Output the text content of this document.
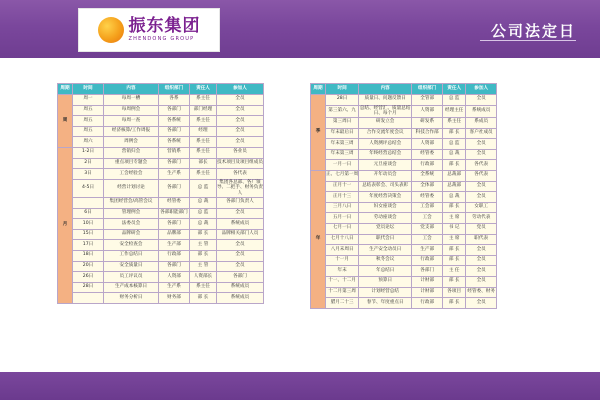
振东集团
ZHENDONG GROUP	公司法定日
周期	时间	内容	组织部门	责任人	参加人
周	周一	每周一槽	各系	系主任	全员
	周五	每周例会	各部门	部门经理	全员
	周五	每周一查	各系统	系主任	全员
	周五	经济核算/工作周报	各部门	经理	全员
	周六	周例会	各系统	系主任	全员
月	1-2日	营销归会	营销系	系主任	各业员
	2日	重点项目专题会	各部门	部长	技术项目及项目组成员
	3日	工会经验会	生产系	系主任	各代表
	4-5日	经营计划讨论	各部门	总 监	集团各总部、各厂领导、二把手、财务负责人
		集团经营会/高管会议	经管委	总 裁	各部门负责人
	6日	管理例会	各部职能部门	总 监	全员
	10日	法委员会	各部门	总 裁	系统成员
	15日	品牌研会	品牌部	部 长	品牌相关部门人员
	17日	安全检查会	生产部	主 管	全员
	18日	工作总结日	行政部	部 长	全员
	20日	安全质量日	各部门	主 管	全员
	26日	员工评议员	人资部	人资部长	各部门
	28日	生产成本核算日	生产系	系主任	系统成员
		财务分析日	财务部	部 长	系统成员
周期	时间	内容	组织部门	责任人	参加人
季	28日	质量日、问题反馈日	全管部	总 监	全员
	第三第六、九	总结、经营汇、质量总结日、每个月	人资部	经理主任	系统成员
	第三周日	研发立会	研发系	系主任	系成员
	年末最后日	合作交流年度会议	科技合作部	部 长	客户社成员
	年末第三周	人资测评总结会	人资部	总 监	全员
	年末第三周	年终经营总结会	经管委	总 裁	全员
	一月一日	元旦座谈会	行政部	部 长	各代表
年	正、七月第一周	开年动员会	全系统	总裁部	各代表
	正月十一	总结表彰会、司头表彰	全体部	总裁部	全员
	正月十三	年度经营决策会	经管委	总 裁	全员
	三月八日	妇女座谈会	工会部	部 长	女职工
	五月一日	劳动座谈会	工会	主 席	劳动代表
	七月一日	党员论坛	党支部	书 记	党员
	七月十八日	职代会日	工会	主 席	职代表
	八月末周日	生产安全动员日	生产部	部 长	全员
	十一月	秋冬会议	行政部	部 长	全员
	年末	年总结日	各部门	主 任	全员
	十一、十二月	预算日	计财部	部 长	全员
	十二月第三周	计划经营总结	计财部	各项目	经管委、财务
	腊月二十三	春节、年度重点日	行政部	部 长	全员
